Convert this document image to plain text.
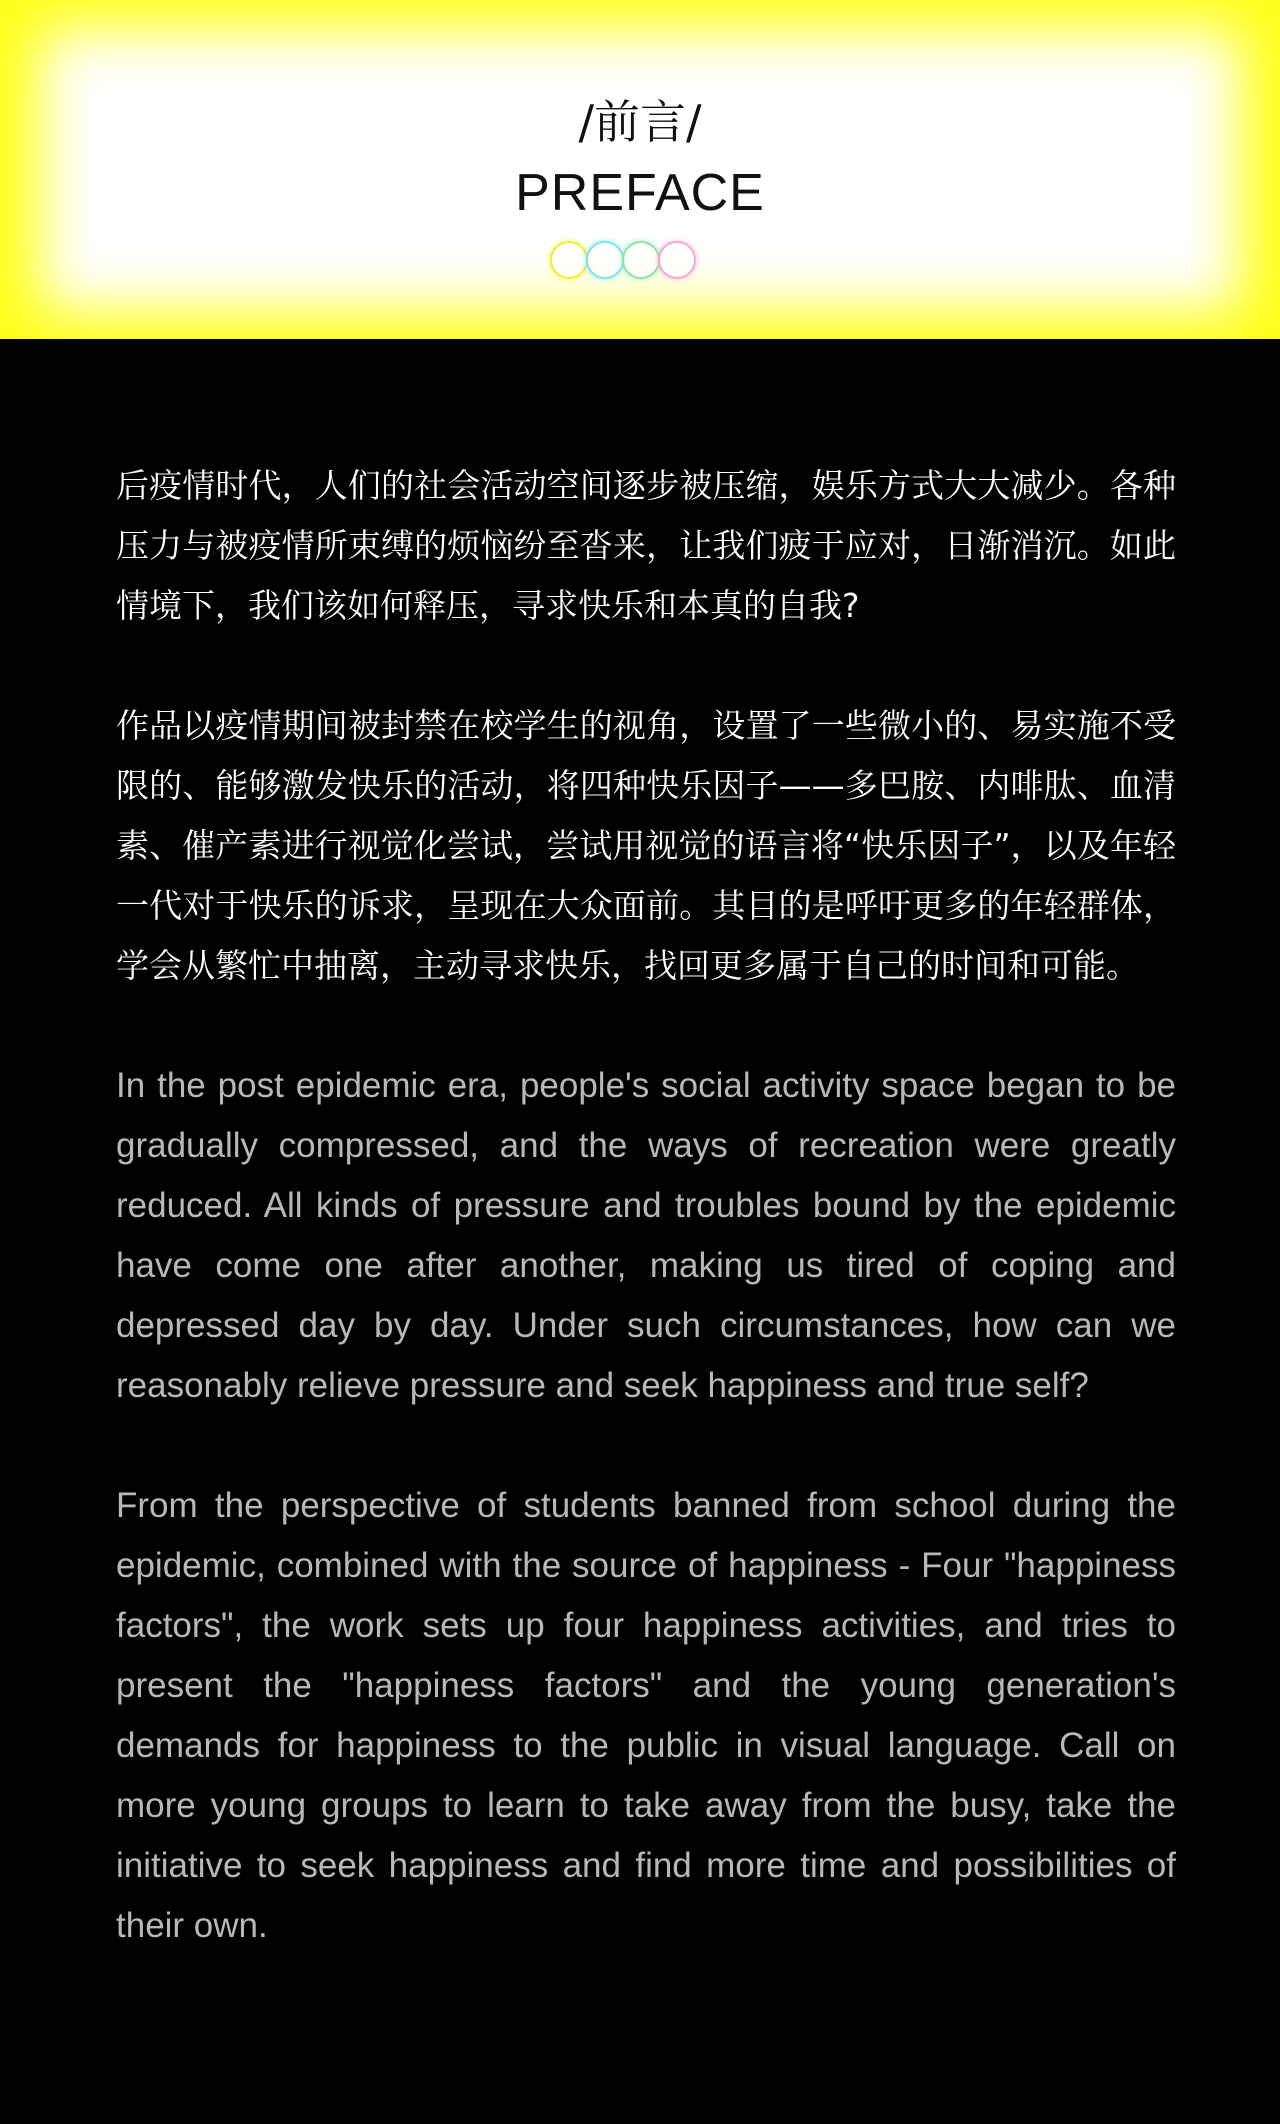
/前言/
PREFACE

后疫情时代，人们的社会活动空间逐步被压缩，娱乐方式大大减少。各种压力与被疫情所束缚的烦恼纷至沓来，让我们疲于应对，日渐消沉。如此情境下，我们该如何释压，寻求快乐和本真的自我?

作品以疫情期间被封禁在校学生的视角，设置了一些微小的、易实施不受限的、能够激发快乐的活动，将四种快乐因子——多巴胺、内啡肽、血清素、催产素进行视觉化尝试，尝试用视觉的语言将“快乐因子”，以及年轻一代对于快乐的诉求，呈现在大众面前。其目的是呼吁更多的年轻群体，学会从繁忙中抽离，主动寻求快乐，找回更多属于自己的时间和可能。

In the post epidemic era, people's social activity space began to be gradually compressed, and the ways of recreation were greatly reduced. All kinds of pressure and troubles bound by the epidemic have come one after another, making us tired of coping and depressed day by day. Under such circumstances, how can we reasonably relieve pressure and seek happiness and true self?

From the perspective of students banned from school during the epidemic, combined with the source of happiness - Four "happiness factors", the work sets up four happiness activities, and tries to present the "happiness factors" and the young generation's demands for happiness to the public in visual language. Call on more young groups to learn to take away from the busy, take the initiative to seek happiness and find more time and possibilities of their own.
